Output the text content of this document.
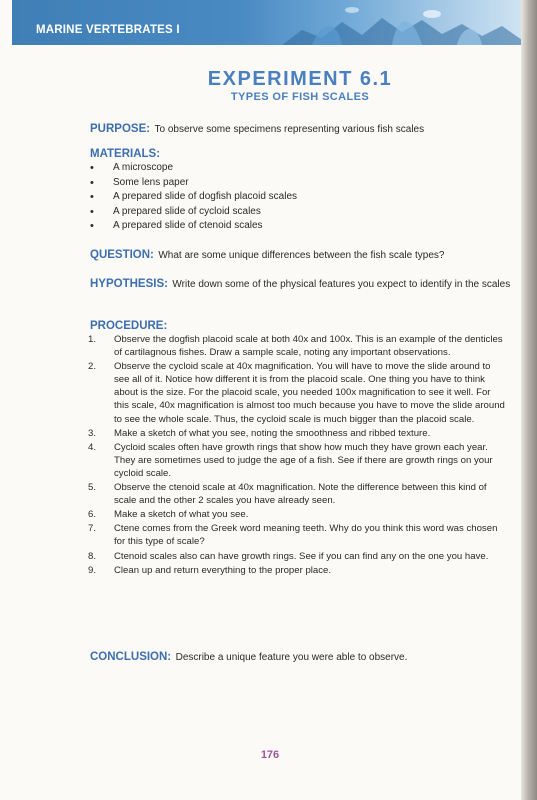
MARINE VERTEBRATES I
EXPERIMENT 6.1
TYPES OF FISH SCALES
PURPOSE: To observe some specimens representing various fish scales
MATERIALS:
• A microscope
• Some lens paper
• A prepared slide of dogfish placoid scales
• A prepared slide of cycloid scales
• A prepared slide of ctenoid scales
QUESTION: What are some unique differences between the fish scale types?
HYPOTHESIS: Write down some of the physical features you expect to identify in the scales
PROCEDURE:
1. Observe the dogfish placoid scale at both 40x and 100x. This is an example of the denticles of cartilagnous fishes. Draw a sample scale, noting any important observations.
2. Observe the cycloid scale at 40x magnification. You will have to move the slide around to see all of it. Notice how different it is from the placoid scale. One thing you have to think about is the size. For the placoid scale, you needed 100x magnification to see it well. For this scale, 40x magnification is almost too much because you have to move the slide around to see the whole scale. Thus, the cycloid scale is much bigger than the placoid scale.
3. Make a sketch of what you see, noting the smoothness and ribbed texture.
4. Cycloid scales often have growth rings that show how much they have grown each year. They are sometimes used to judge the age of a fish. See if there are growth rings on your cycloid scale.
5. Observe the ctenoid scale at 40x magnification. Note the difference between this kind of scale and the other 2 scales you have already seen.
6. Make a sketch of what you see.
7. Ctene comes from the Greek word meaning teeth. Why do you think this word was chosen for this type of scale?
8. Ctenoid scales also can have growth rings. See if you can find any on the one you have.
9. Clean up and return everything to the proper place.
CONCLUSION: Describe a unique feature you were able to observe.
176
